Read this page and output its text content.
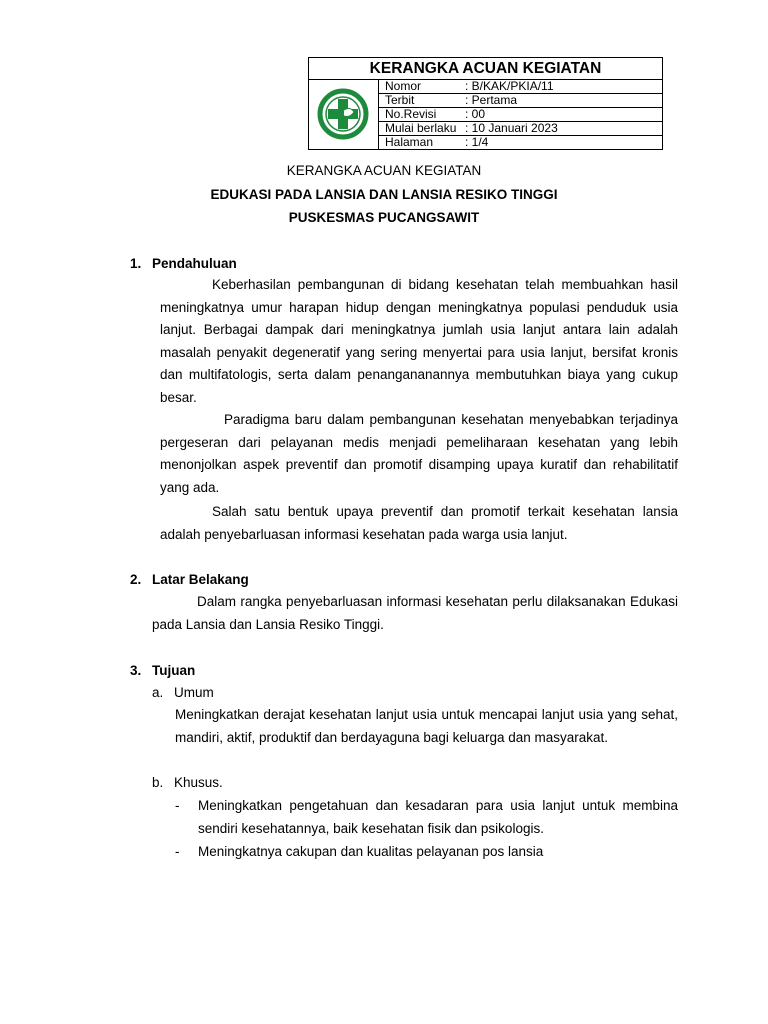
KERANGKA ACUAN KEGIATAN
Nomor	: B/KAK/PKIA/11
Terbit	: Pertama
No.Revisi : 00
Mulai berlaku : 10 Januari 2023
Halaman	: 1/4
KERANGKA ACUAN KEGIATAN
EDUKASI PADA LANSIA DAN LANSIA RESIKO TINGGI
PUSKESMAS PUCANGSAWIT
1. Pendahuluan
Keberhasilan pembangunan di bidang kesehatan telah membuahkan hasil meningkatnya umur harapan hidup dengan meningkatnya populasi penduduk usia lanjut. Berbagai dampak dari meningkatnya jumlah usia lanjut antara lain adalah masalah penyakit degeneratif yang sering menyertai para usia lanjut, bersifat kronis dan multifatologis, serta dalam penangananannya membutuhkan biaya yang cukup besar.
Paradigma baru dalam pembangunan kesehatan menyebabkan terjadinya pergeseran dari pelayanan medis menjadi pemeliharaan kesehatan yang lebih menonjolkan aspek preventif dan promotif disamping upaya kuratif dan rehabilitatif yang ada.
Salah satu bentuk upaya preventif dan promotif terkait kesehatan lansia adalah penyebarluasan informasi kesehatan pada warga usia lanjut.
2. Latar Belakang
Dalam rangka penyebarluasan informasi kesehatan perlu dilaksanakan Edukasi pada Lansia dan Lansia Resiko Tinggi.
3. Tujuan
a. Umum
Meningkatkan derajat kesehatan lanjut usia untuk mencapai lanjut usia yang sehat, mandiri, aktif, produktif dan berdayaguna bagi keluarga dan masyarakat.
b. Khusus.
- Meningkatkan pengetahuan dan kesadaran para usia lanjut untuk membina sendiri kesehatannya, baik kesehatan fisik dan psikologis.
- Meningkatnya cakupan dan kualitas pelayanan pos lansia
